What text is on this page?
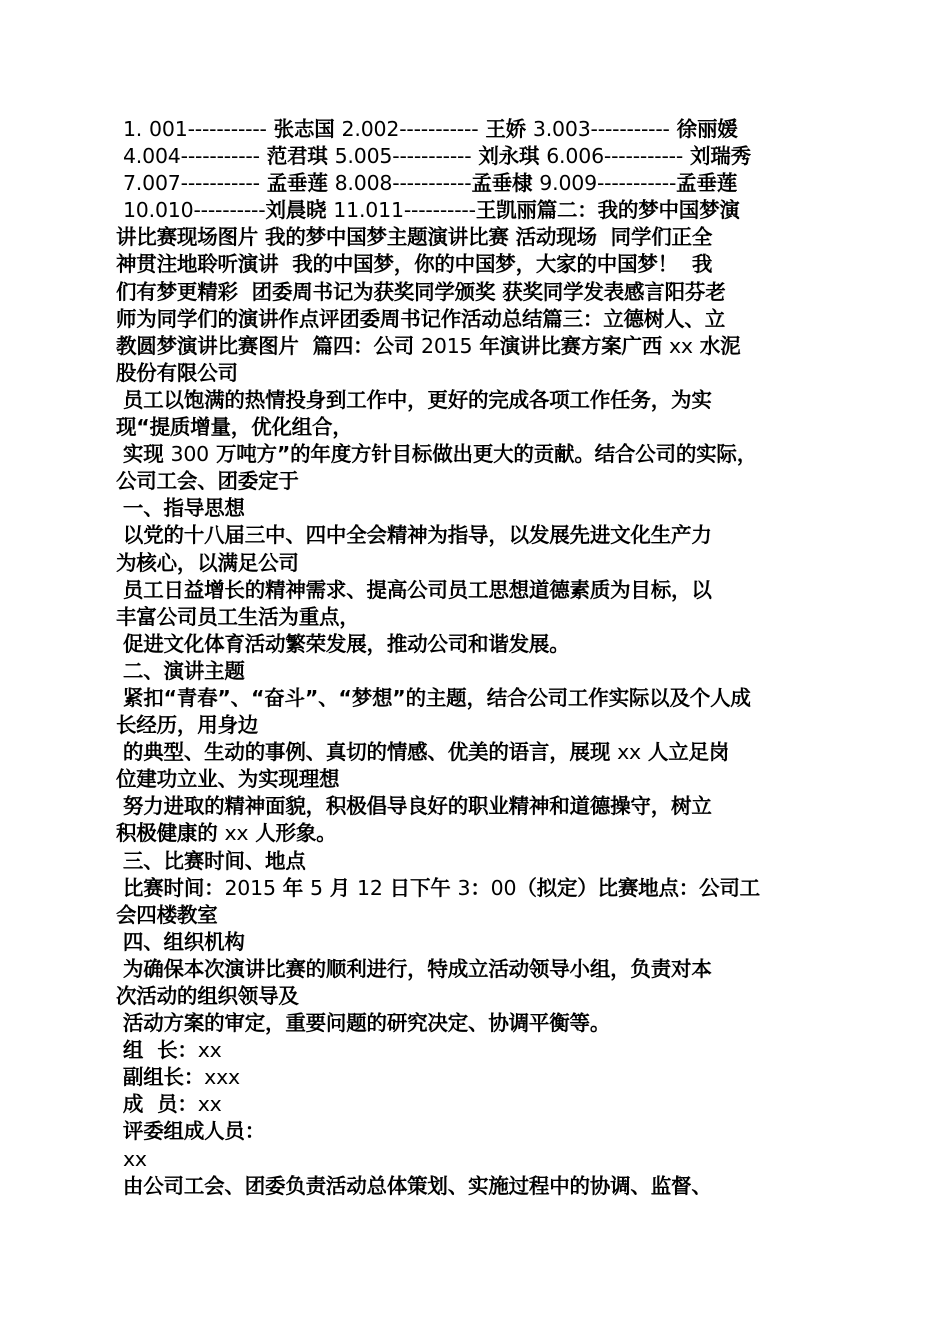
1. 001----------- 张志国 2.002----------- 王娇 3.003----------- 徐丽媛
4.004----------- 范君琪 5.005----------- 刘永琪 6.006----------- 刘瑞秀
7.007----------- 孟垂莲 8.008-----------孟垂棣 9.009-----------孟垂莲
10.010----------刘晨晓 11.011----------王凯丽篇二：我的梦中国梦演
讲比赛现场图片 我的梦中国梦主题演讲比赛 活动现场  同学们正全
神贯注地聆听演讲  我的中国梦，你的中国梦，大家的中国梦！  我
们有梦更精彩  团委周书记为获奖同学颁奖 获奖同学发表感言阳芬老
师为同学们的演讲作点评团委周书记作活动总结篇三：立德树人、立
教圆梦演讲比赛图片  篇四：公司 2015 年演讲比赛方案广西 xx 水泥
股份有限公司
员工以饱满的热情投身到工作中，更好的完成各项工作任务，为实
现“提质增量，优化组合，
实现 300 万吨方”的年度方针目标做出更大的贡献。结合公司的实际，
公司工会、团委定于
一、指导思想
以党的十八届三中、四中全会精神为指导，以发展先进文化生产力
为核心，以满足公司
员工日益增长的精神需求、提高公司员工思想道德素质为目标，以
丰富公司员工生活为重点，
促进文化体育活动繁荣发展，推动公司和谐发展。
二、演讲主题
紧扣“青春”、“奋斗”、“梦想”的主题，结合公司工作实际以及个人成
长经历，用身边
的典型、生动的事例、真切的情感、优美的语言，展现 xx 人立足岗
位建功立业、为实现理想
努力进取的精神面貌，积极倡导良好的职业精神和道德操守，树立
积极健康的 xx 人形象。
三、比赛时间、地点
比赛时间：2015 年 5 月 12 日下午 3：00（拟定）比赛地点：公司工
会四楼教室
四、组织机构
为确保本次演讲比赛的顺利进行，特成立活动领导小组，负责对本
次活动的组织领导及
活动方案的审定，重要问题的研究决定、协调平衡等。
组  长：xx
副组长：xxx
成  员：xx
评委组成人员：
xx
由公司工会、团委负责活动总体策划、实施过程中的协调、监督、
